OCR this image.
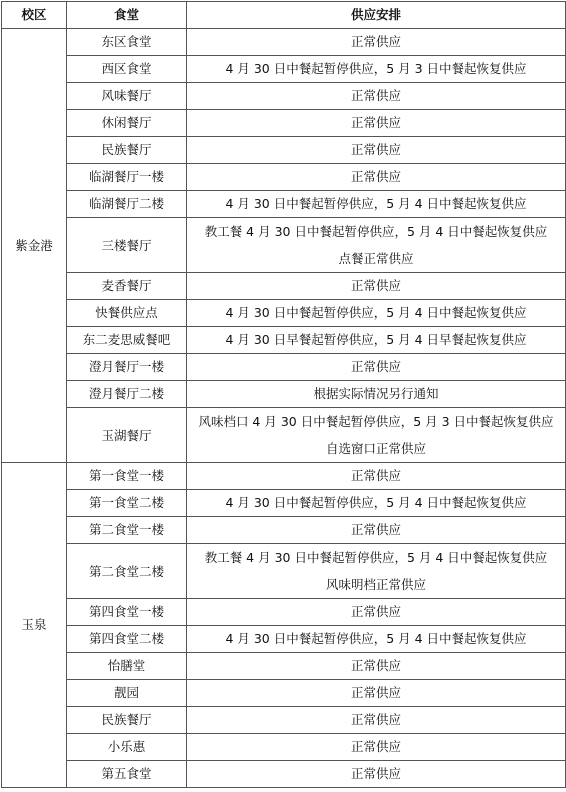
校区	食堂	供应安排
紫金港	东区食堂	正常供应

	西区食堂	4 月 30 日中餐起暂停供应，5 月 3 日中餐起恢复供应

	风味餐厅	正常供应

	休闲餐厅	正常供应

	民族餐厅	正常供应

	临湖餐厅一楼	正常供应

	临湖餐厅二楼	4 月 30 日中餐起暂停供应，5 月 4 日中餐起恢复供应

	三楼餐厅	教工餐 4 月 30 日中餐起暂停供应，5 月 4 日中餐起恢复供应
点餐正常供应

	麦香餐厅	正常供应

	快餐供应点	4 月 30 日中餐起暂停供应，5 月 4 日中餐起恢复供应

	东二麦思威餐吧	4 月 30 日早餐起暂停供应，5 月 4 日早餐起恢复供应

	澄月餐厅一楼	正常供应

	澄月餐厅二楼	根据实际情况另行通知

	玉湖餐厅	风味档口 4 月 30 日中餐起暂停供应，5 月 3 日中餐起恢复供应
自选窗口正常供应

玉泉	第一食堂一楼	正常供应

	第一食堂二楼	4 月 30 日中餐起暂停供应，5 月 4 日中餐起恢复供应

	第二食堂一楼	正常供应

	第二食堂二楼	教工餐 4 月 30 日中餐起暂停供应，5 月 4 日中餐起恢复供应
风味明档正常供应

	第四食堂一楼	正常供应

	第四食堂二楼	4 月 30 日中餐起暂停供应，5 月 4 日中餐起恢复供应

	怡膳堂	正常供应

	靓园	正常供应

	民族餐厅	正常供应

	小乐惠	正常供应

	第五食堂	正常供应
